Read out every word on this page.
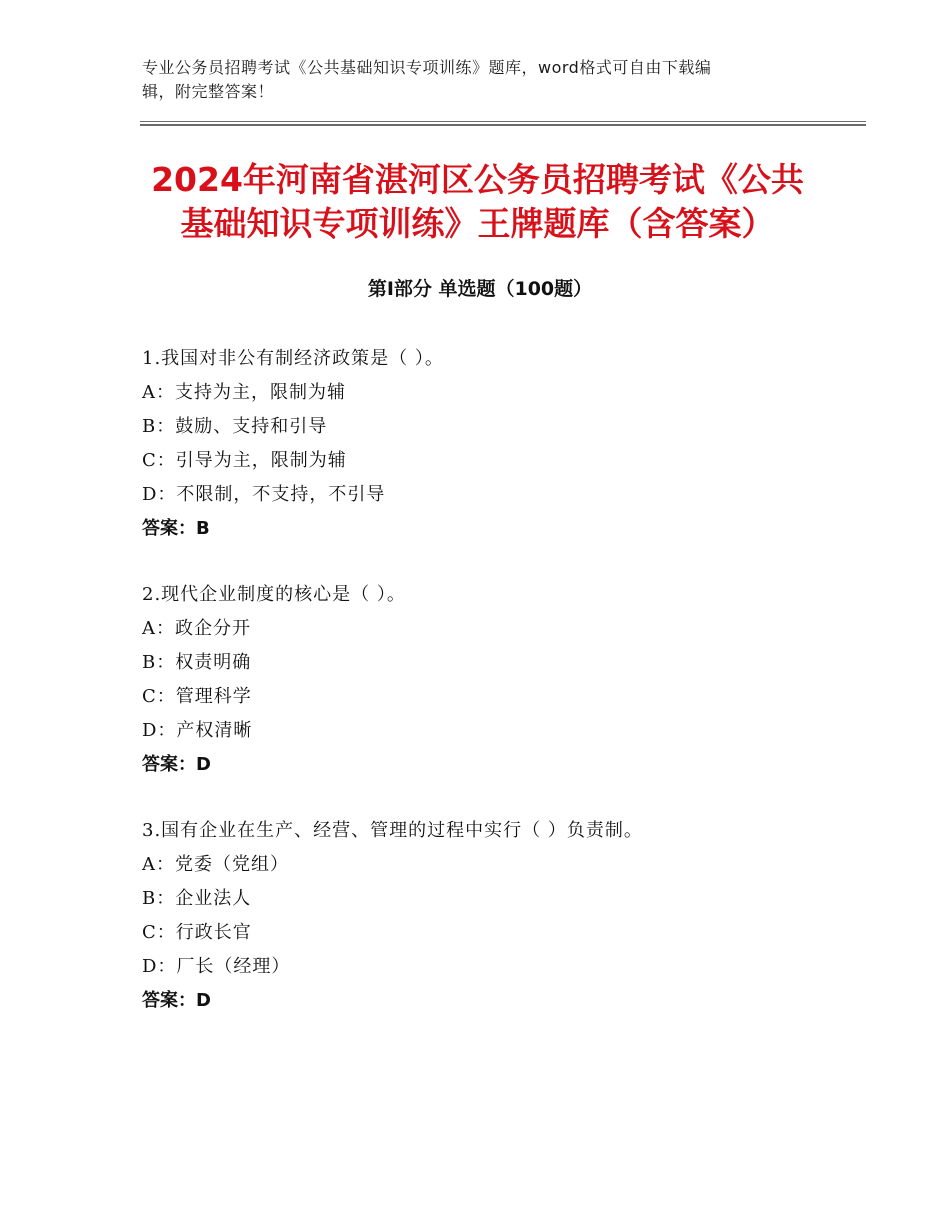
专业公务员招聘考试《公共基础知识专项训练》题库，word格式可自由下载编
辑，附完整答案！
2024年河南省湛河区公务员招聘考试《公共
基础知识专项训练》王牌题库（含答案）
第Ⅰ部分 单选题（100题）
1.我国对非公有制经济政策是（ ）。
A：支持为主，限制为辅
B：鼓励、支持和引导
C：引导为主，限制为辅
D：不限制，不支持，不引导
答案：B
2.现代企业制度的核心是（ ）。
A：政企分开
B：权责明确
C：管理科学
D：产权清晰
答案：D
3.国有企业在生产、经营、管理的过程中实行（ ）负责制。
A：党委（党组）
B：企业法人
C：行政长官
D：厂长（经理）
答案：D
